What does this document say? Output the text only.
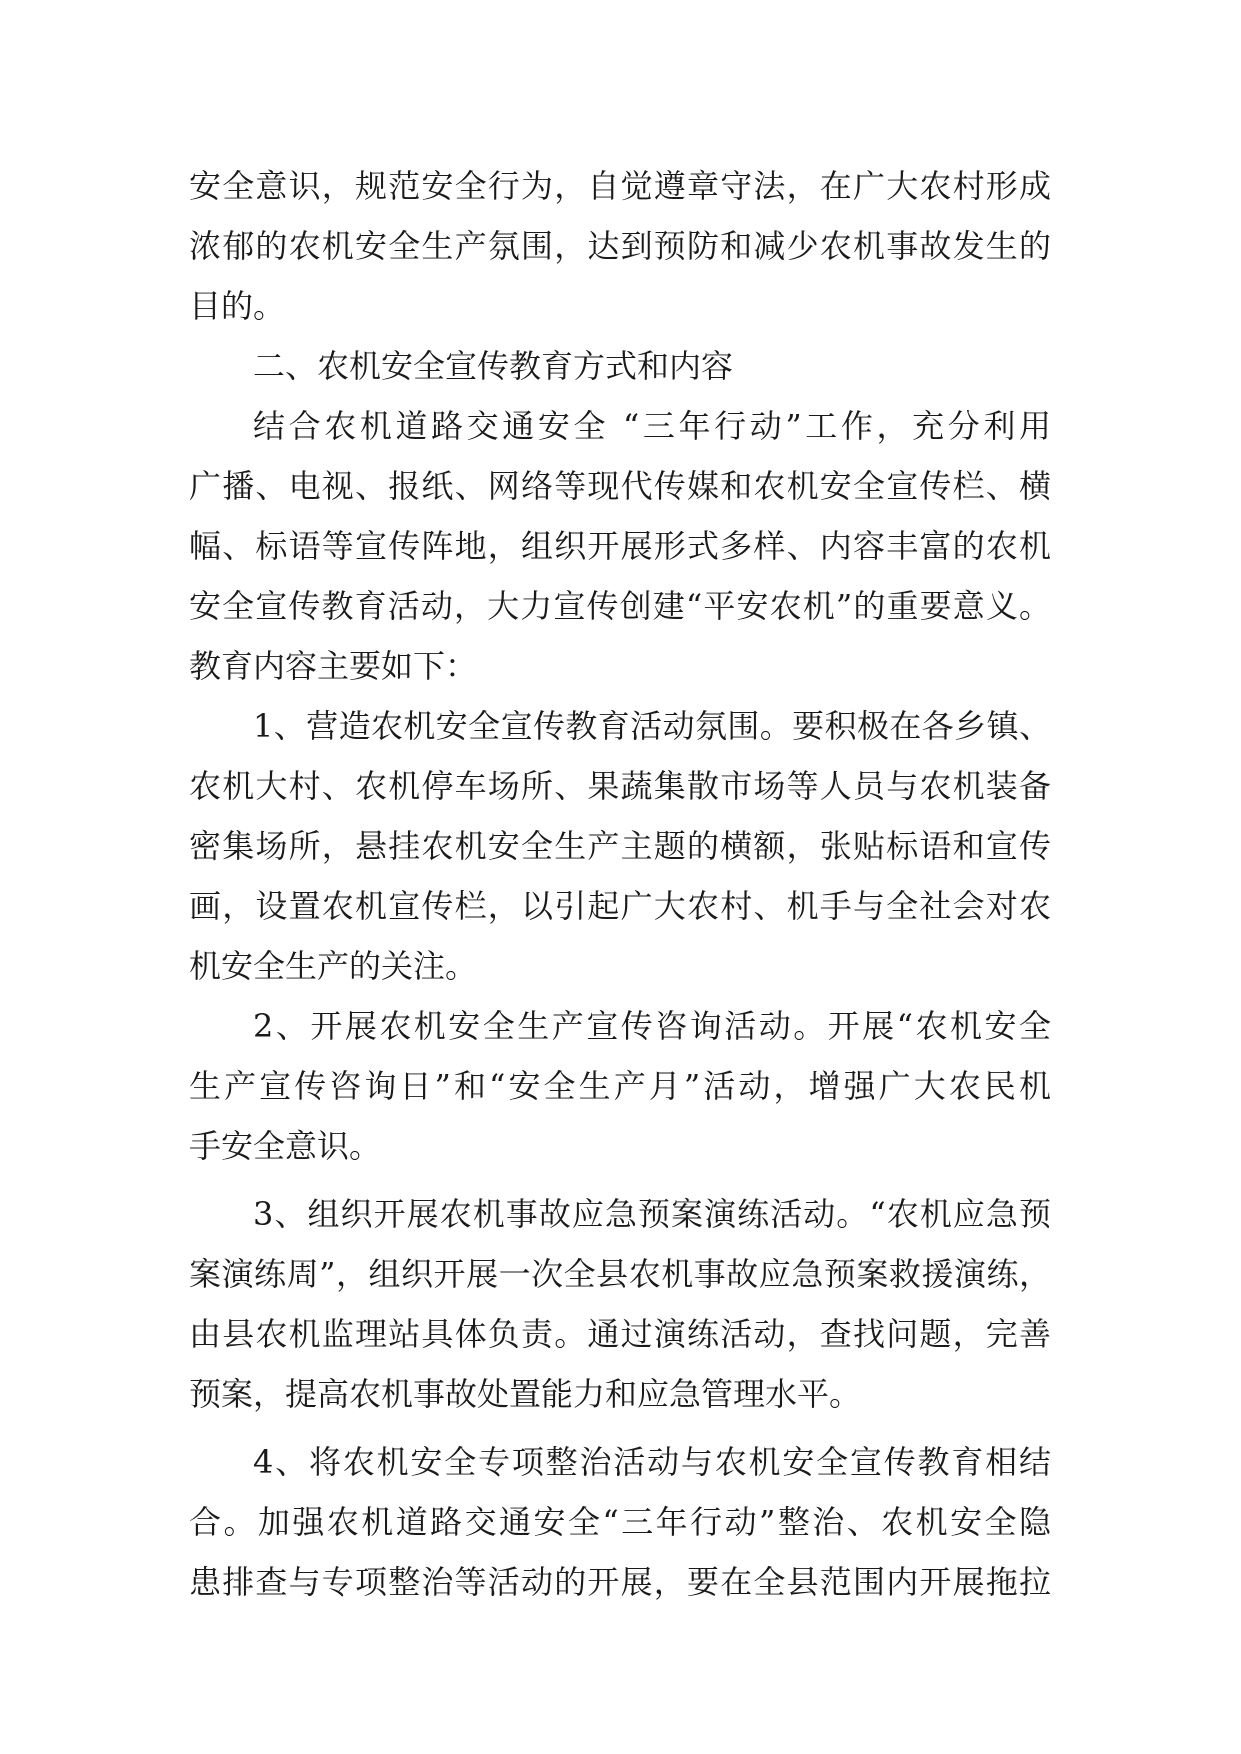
安全意识，规范安全行为，自觉遵章守法，在广大农村形成
浓郁的农机安全生产氛围，达到预防和减少农机事故发生的
目的。
二、农机安全宣传教育方式和内容
结合农机道路交通安全 “三年行动”工作，充分利用
广播、电视、报纸、网络等现代传媒和农机安全宣传栏、横
幅、标语等宣传阵地，组织开展形式多样、内容丰富的农机
安全宣传教育活动，大力宣传创建“平安农机”的重要意义。
教育内容主要如下：
1、营造农机安全宣传教育活动氛围。要积极在各乡镇、
农机大村、农机停车场所、果蔬集散市场等人员与农机装备
密集场所，悬挂农机安全生产主题的横额，张贴标语和宣传
画，设置农机宣传栏，以引起广大农村、机手与全社会对农
机安全生产的关注。
2、开展农机安全生产宣传咨询活动。开展“农机安全
生产宣传咨询日”和“安全生产月”活动，增强广大农民机
手安全意识。
3、组织开展农机事故应急预案演练活动。“农机应急预
案演练周”，组织开展一次全县农机事故应急预案救援演练，
由县农机监理站具体负责。通过演练活动，查找问题，完善
预案，提高农机事故处置能力和应急管理水平。
4、将农机安全专项整治活动与农机安全宣传教育相结
合。加强农机道路交通安全“三年行动”整治、农机安全隐
患排查与专项整治等活动的开展，要在全县范围内开展拖拉
